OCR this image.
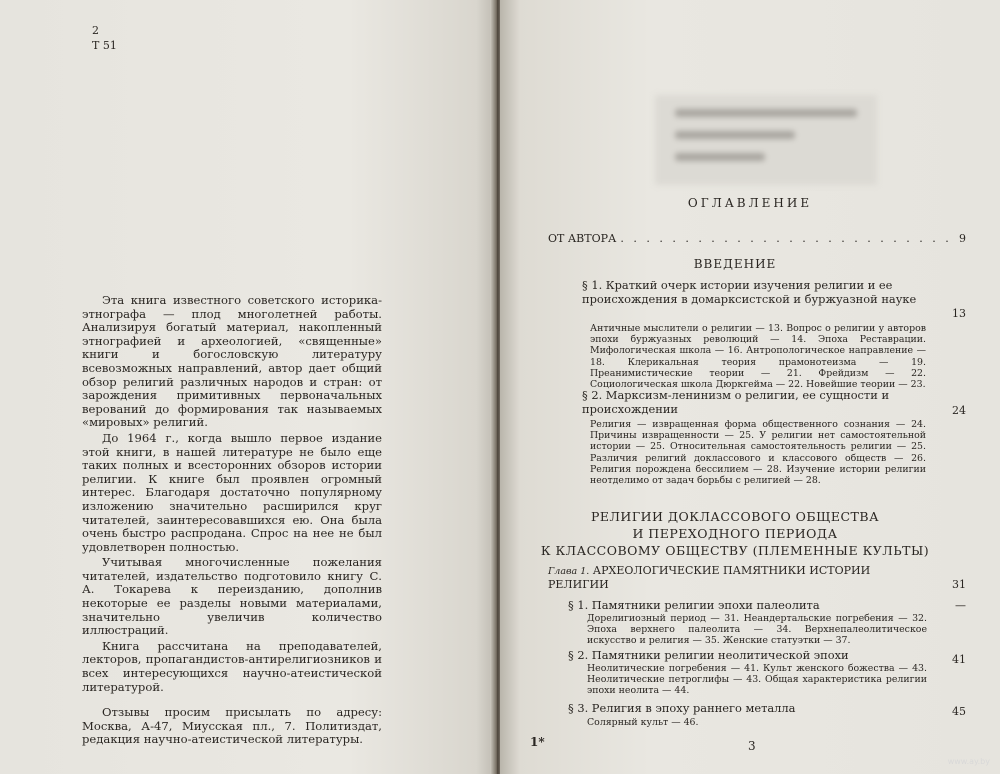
2
Т 51

Эта книга известного советского историка-этнографа — плод многолетней работы. Анализируя богатый материал, накопленный этнографией и археологией, «священные» книги и богословскую литературу всевозможных направлений, автор дает общий обзор религий различных народов и стран: от зарождения примитивных первоначальных верований до формирования так называемых «мировых» религий.

До 1964 г., когда вышло первое издание этой книги, в нашей литературе не было еще таких полных и всесторонних обзоров истории религии. К книге был проявлен огромный интерес. Благодаря достаточно популярному изложению значительно расширился круг читателей, заинтересовавшихся ею. Она была очень быстро распродана. Спрос на нее не был удовлетворен полностью.

Учитывая многочисленные пожелания читателей, издательство подготовило книгу С. А. Токарева к переизданию, дополнив некоторые ее разделы новыми материалами, значительно увеличив количество иллюстраций.

Книга рассчитана на преподавателей, лекторов, пропагандистов-антирелигиозников и всех интересующихся научно-атеистической литературой.

Отзывы просим присылать по адресу: Москва, А-47, Миусская пл., 7. Политиздат, редакция научно-атеистической литературы.	1*
ОГЛАВЛЕНИЕ
ОТ АВТОРА . . .	9
ВВЕДЕНИЕ
§ 1. Краткий очерк истории изучения религии и ее происхождения в домарксистской и буржуазной науке
13
Античные мыслители о религии — 13. Вопрос о религии у авторов эпохи буржуазных революций — 14. Эпоха Реставрации. Мифологическая школа — 16. Антропологическое направление — 18. Клерикальная теория прамонотеизма — 19. Преанимистические теории — 21. Фрейдизм — 22. Социологическая школа Дюркгейма — 22. Новейшие теории — 23.
§ 2. Марксизм-ленинизм о религии, ее сущности и происхождении	24
Религия — извращенная форма общественного сознания — 24. Причины извращенности — 25. У религии нет самостоятельной истории — 25. Относительная самостоятельность религии — 25. Различия религий доклассового и классового обществ — 26. Религия порождена бессилием — 28. Изучение истории религии неотделимо от задач борьбы с религией — 28.
РЕЛИГИИ ДОКЛАССОВОГО ОБЩЕСТВА
И ПЕРЕХОДНОГО ПЕРИОДА
К КЛАССОВОМУ ОБЩЕСТВУ (ПЛЕМЕННЫЕ КУЛЬТЫ)
Глава 1. АРХЕОЛОГИЧЕСКИЕ ПАМЯТНИКИ ИСТОРИИ РЕЛИГИИ	31
§ 1. Памятники религии эпохи палеолита	—
Дорелигиозный период — 31. Неандертальские погребения — 32. Эпоха верхнего палеолита — 34. Верхнепалеолитическое искусство и религия — 35. Женские статуэтки — 37.
§ 2. Памятники религии неолитической эпохи	41
Неолитические погребения — 41. Культ женского божества — 43. Неолитические петроглифы — 43. Общая характеристика религии эпохи неолита — 44.
§ 3. Религия в эпоху раннего металла	45
Солярный культ — 46.
3
www.ay.by
